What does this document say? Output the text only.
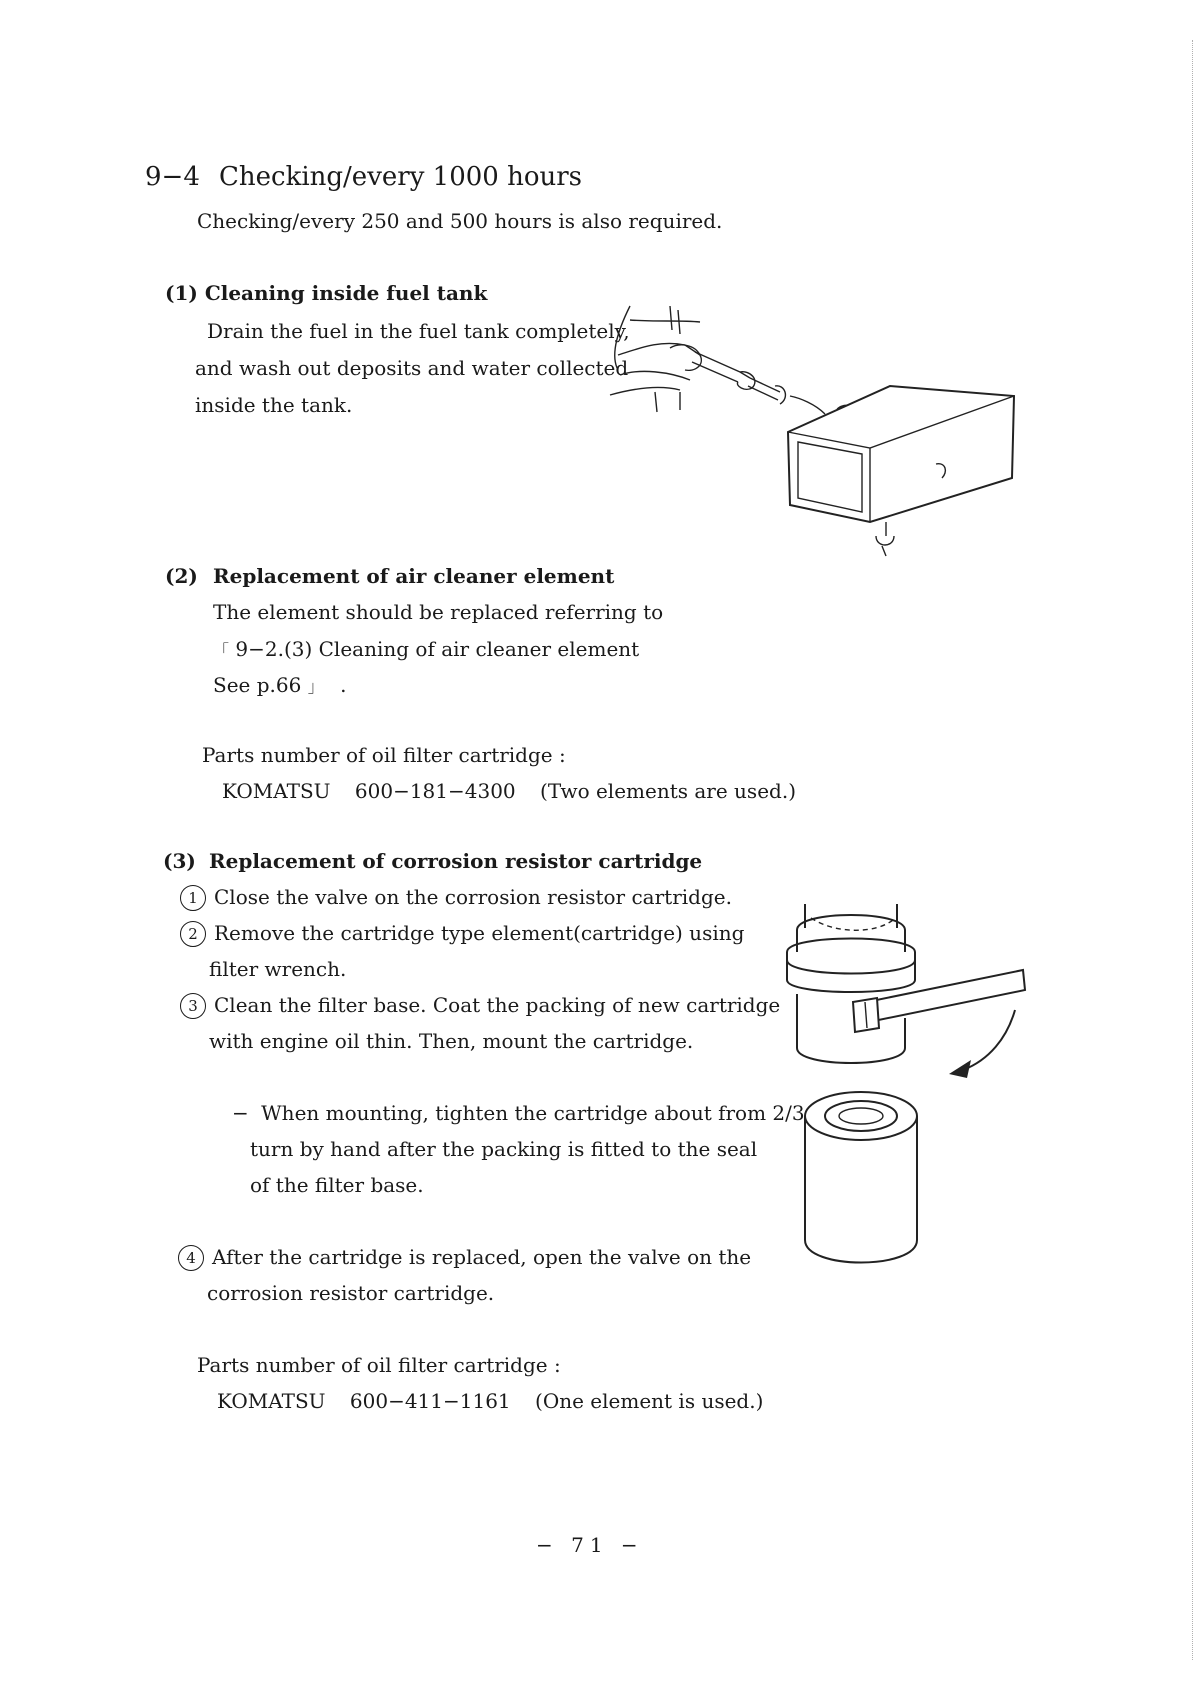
9−4 Checking/every 1000 hours
Checking/every 250 and 500 hours is also required.
(1) Cleaning inside fuel tank
Drain the fuel in the fuel tank completely,
and wash out deposits and water collected
inside the tank.
(2) Replacement of air cleaner element
The element should be replaced referring to
「 9−2.(3) Cleaning of air cleaner element
See p.66 」 .
Parts number of oil filter cartridge :
KOMATSU 600−181−4300 (Two elements are used.)
(3) Replacement of corrosion resistor cartridge
1 Close the valve on the corrosion resistor cartridge.
2 Remove the cartridge type element(cartridge) using
filter wrench.
3 Clean the filter base. Coat the packing of new cartridge
with engine oil thin. Then, mount the cartridge.
− When mounting, tighten the cartridge about from 2/3
turn by hand after the packing is fitted to the seal
of the filter base.
4 After the cartridge is replaced, open the valve on the
corrosion resistor cartridge.
Parts number of oil filter cartridge :
KOMATSU 600−411−1161 (One element is used.)
− 71 −
